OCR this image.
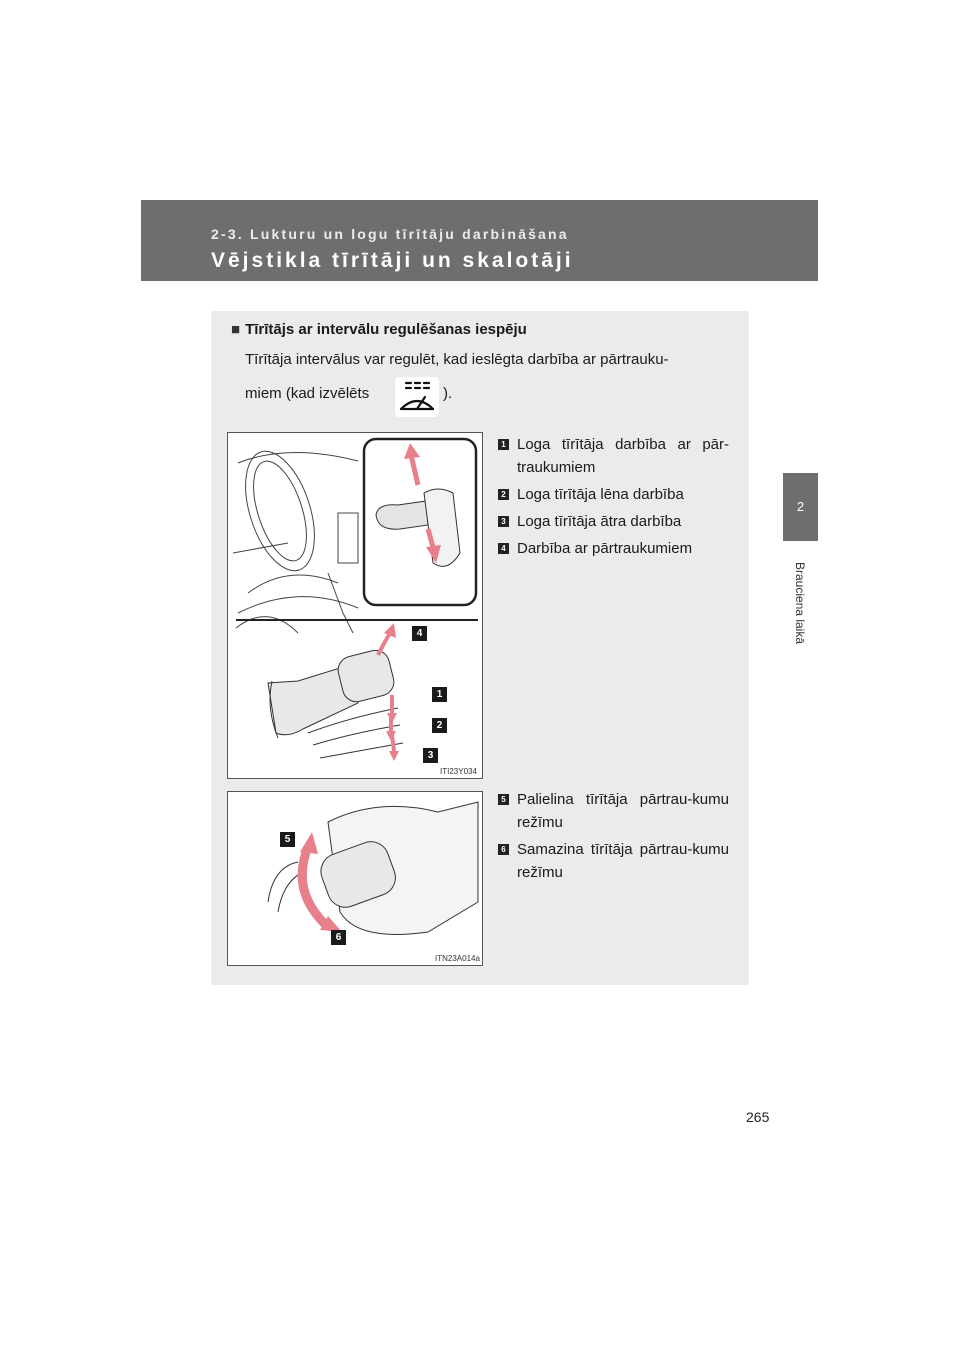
2-3. Lukturu un logu tīrītāju darbināšana
Vējstikla tīrītāji un skalotāji
2
Brauciena laikā
■ Tīrītājs ar intervālu regulēšanas iespēju
Tīrītāja intervālus var regulēt, kad ieslēgta darbība ar pārtrauku-
miem (kad izvēlēts	).
4
1
2
3
ITI23Y034
1 Loga tīrītāja darbība ar pār-traukumiem
2 Loga tīrītāja lēna darbība
3 Loga tīrītāja ātra darbība
4 Darbība ar pārtraukumiem
5
6
ITN23A014a
5 Palielina tīrītāja pārtrau-kumu režīmu
6 Samazina tīrītāja pārtrau-kumu režīmu
265
